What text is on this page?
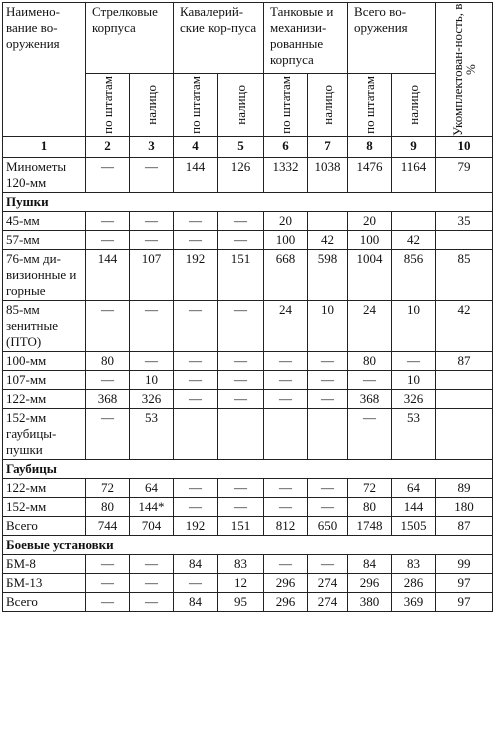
Наимено-вание во-оружения	Стрелковые корпуса		Кавалерий-ские кор-пуса		Танковые и механизи-рованные корпуса		Всего во-оружения		Укомплектован-ность, в %

	по штатам	налицо	по штатам	налицо	по штатам	налицо	по штатам	налицо	

1	2	3	4	5	6	7	8	9	10
Минометы 120-мм	—	—	144	126	1332	1038	1476	1164	79
Пушки									
45-мм	—	—	—	—	20		20		35
57-мм	—	—	—	—	100	42	100	42	
76-мм ди-визионные и горные	144	107	192	151	668	598	1004	856	85
85-мм зенитные (ПТО)	—	—	—	—	24	10	24	10	42
100-мм	80	—	—	—	—	—	80	—	87
107-мм	—	10	—	—	—	—	—	10	
122-мм	368	326	—	—	—	—	368	326	
152-мм гаубицы-пушки	—	53					—	53	
Гаубицы									
122-мм	72	64	—	—	—	—	72	64	89
152-мм	80	144*	—	—	—	—	80	144	180
Всего	744	704	192	151	812	650	1748	1505	87
Боевые установки									
БМ-8	—	—	84	83	—	—	84	83	99
БМ-13	—	—	—	12	296	274	296	286	97
Всего	—	—	84	95	296	274	380	369	97
